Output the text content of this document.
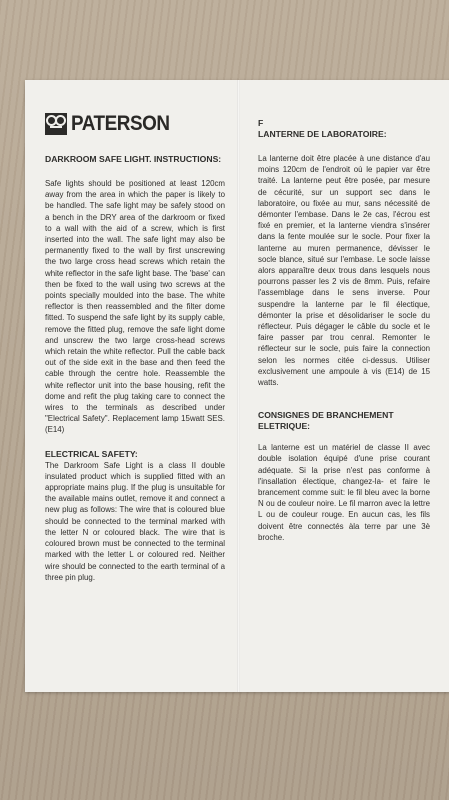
PATERSON

DARKROOM SAFE LIGHT. INSTRUCTIONS:

Safe lights should be positioned at least 120cm away from the area in which the paper is likely to be handled. The safe light may be safely stood on a bench in the DRY area of the darkroom or fixed to a wall with the aid of a screw, which is first inserted into the wall. The safe light may also be permanently fixed to the wall by first unscrewing the two large cross head screws which retain the white reflector in the safe light base. The 'base' can then be fixed to the wall using two screws at the points specially moulded into the base. The white reflector is then reassembled and the filter dome fitted. To suspend the safe light by its supply cable, remove the fitted plug, remove the safe light dome and unscrew the two large cross-head screws which retain the white reflector. Pull the cable back out of the side exit in the base and then feed the cable through the centre hole. Reassemble the white reflector unit into the base housing, refit the dome and refit the plug taking care to connect the wires to the terminals as described under "Electrical Safety". Replacement lamp 15watt SES. (E14)

ELECTRICAL SAFETY:

The Darkroom Safe Light is a class II double insulated product which is supplied fitted with an appropriate mains plug. If the plug is unsuitable for the available mains outlet, remove it and connect a new plug as follows: The wire that is coloured blue should be connected to the terminal marked with the letter N or coloured black. The wire that is coloured brown must be connected to the terminal marked with the letter L or coloured red. Neither wire should be connected to the earth terminal of a three pin plug.

F

LANTERNE DE LABORATOIRE:

La lanterne doit être placée à une distance d'au moins 120cm de l'endroit où le papier var être traité. La lanterne peut être posée, par mesure de cécurité, sur un support sec dans le laboratoire, ou fixée au mur, sans nécessité de démonter l'embase. Dans le 2e cas, l'écrou est fixé en premier, et la lanterne viendra s'insérer dans la fente moulée sur le socle. Pour fixer la lanterne au muren permanence, dévisser le socle blance, situé sur l'embase. Le socle laisse alors apparaître deux trous dans lesquels nous pourrons passer les 2 vis de 8mm. Puis, refaire l'assemblage dans le sens inverse. Pour suspendre la lanterne par le fil électique, démonter la prise et désolidariser le socle du réflecteur. Puis dégager le câble du socle et le faire passer par trou cenral. Remonter le réflecteur sur le socle, puis faire la connection selon les normes citée ci-dessus. Utiliser exclusivement une ampoule à vis (E14) de 15 watts.

CONSIGNES DE BRANCHEMENT ELETRIQUE:

La lanterne est un matériel de classe II avec double isolation équipé d'une prise courant adéquate. Si la prise n'est pas conforme à l'insallation électique, changez-la- et faire le brancement comme suit: le fil bleu avec la borne N ou de couleur noire. Le fil marron avec la lettre L ou de couleur rouge. En aucun cas, les fils doivent être connectés àla terre par une 3è broche.
